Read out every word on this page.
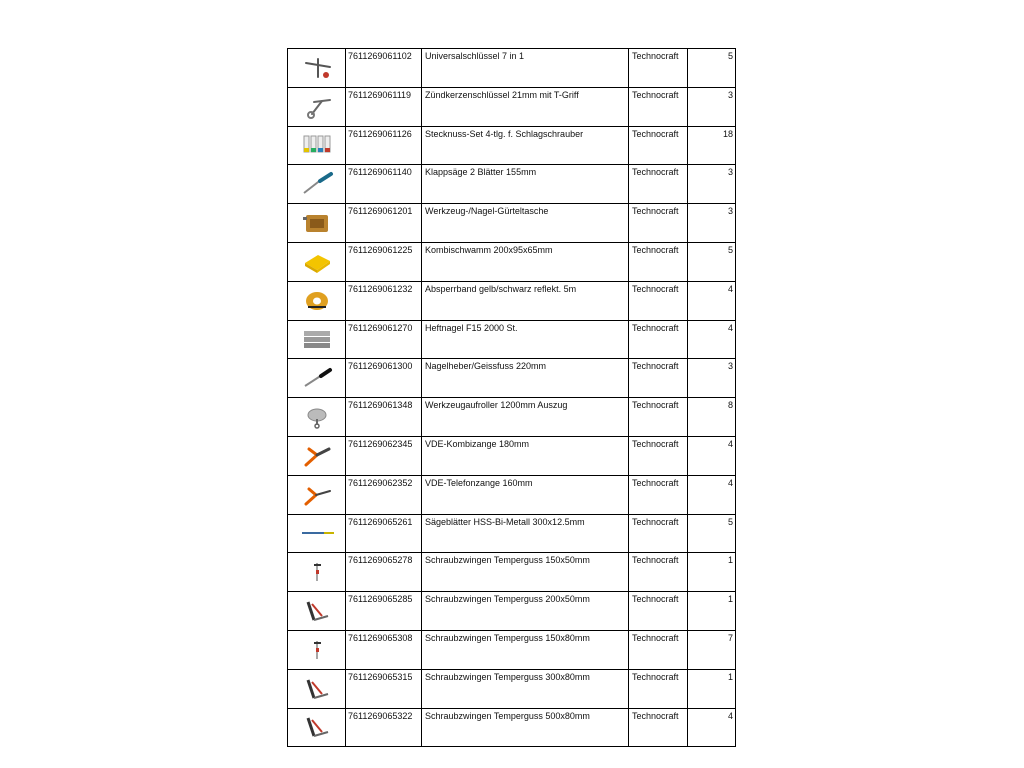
	7611269061102	Universalschlüssel 7 in 1	Technocraft	5

	7611269061119	Zündkerzenschlüssel 21mm mit T-Griff	Technocraft	3

	7611269061126	Stecknuss-Set 4-tlg. f. Schlagschrauber	Technocraft	18

	7611269061140	Klappsäge 2 Blätter 155mm	Technocraft	3

	7611269061201	Werkzeug-/Nagel-Gürteltasche	Technocraft	3

	7611269061225	Kombischwamm 200x95x65mm	Technocraft	5

	7611269061232	Absperrband gelb/schwarz reflekt. 5m	Technocraft	4

	7611269061270	Heftnagel F15 2000 St.	Technocraft	4

	7611269061300	Nagelheber/Geissfuss 220mm	Technocraft	3

	7611269061348	Werkzeugaufroller 1200mm Auszug	Technocraft	8

	7611269062345	VDE-Kombizange 180mm	Technocraft	4

	7611269062352	VDE-Telefonzange 160mm	Technocraft	4

	7611269065261	Sägeblätter HSS-Bi-Metall 300x12.5mm	Technocraft	5

	7611269065278	Schraubzwingen Temperguss 150x50mm	Technocraft	1

	7611269065285	Schraubzwingen Temperguss 200x50mm	Technocraft	1

	7611269065308	Schraubzwingen Temperguss 150x80mm	Technocraft	7

	7611269065315	Schraubzwingen Temperguss 300x80mm	Technocraft	1

	7611269065322	Schraubzwingen Temperguss 500x80mm	Technocraft	4
